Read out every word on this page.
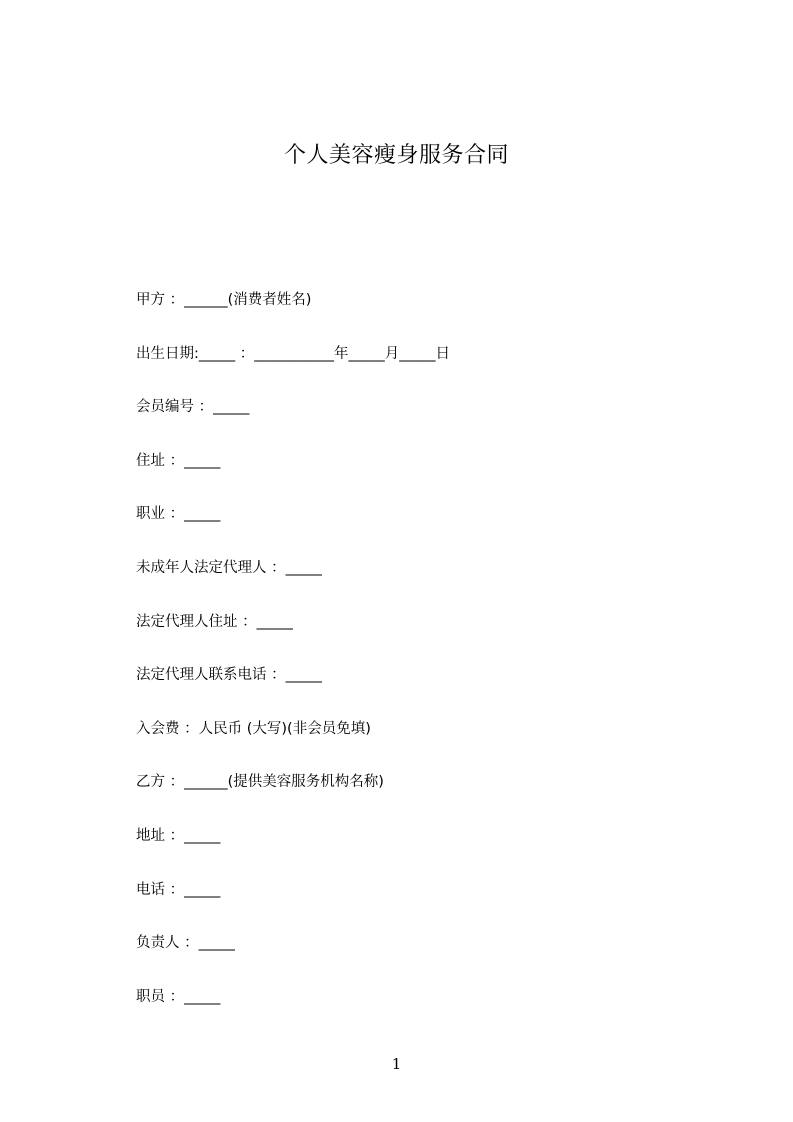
个人美容瘦身服务合同
甲方 ：______(消费者姓名)
出生日期:_____ ：___________年_____月_____日
会员编号 ：_____
住址 ：_____
职业 ：_____
未成年人法定代理人 ：_____
法定代理人住址 ：_____
法定代理人联系电话 ：_____
入会费 ：人民币 (大写)(非会员免填)
乙方 ：______(提供美容服务机构名称)
地址 ：_____
电话 ：_____
负责人 ：_____
职员 ：_____
1
